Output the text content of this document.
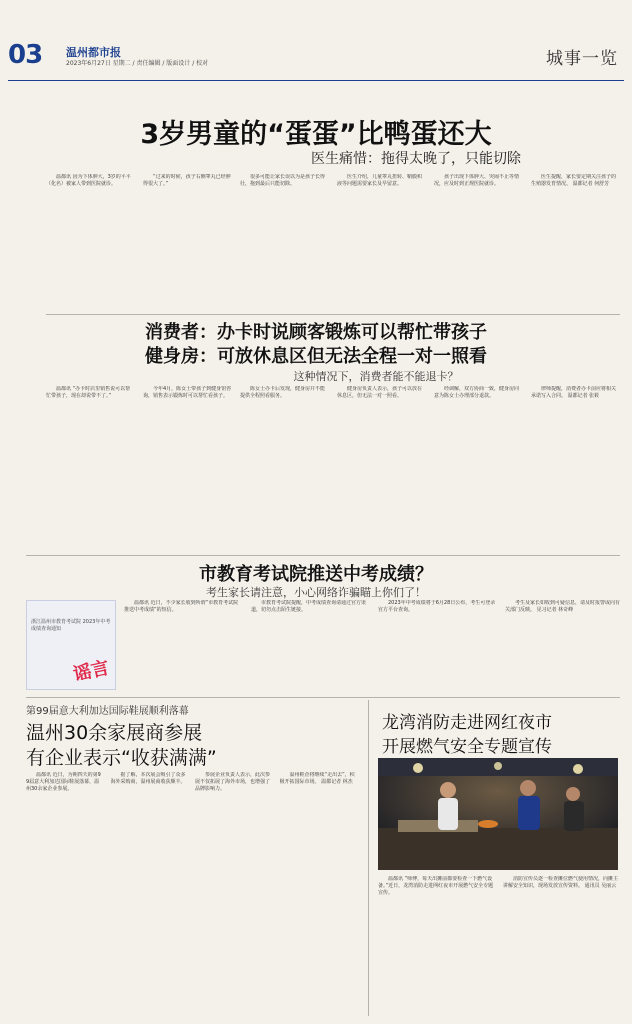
03 温州都市报
2023年6月27日 星期二 / 责任编辑 / 版面设计 / 校对	城事一览
3岁男童的“蛋蛋”比鸭蛋还大
医生痛惜：拖得太晚了，只能切除

温都讯 因为下体肿大，3岁的平平（化名）被家人带到医院就诊。

“过来的时候，孩子右侧睾丸已经肿得很大了。”

很多可能让家长误以为是孩子长得壮，拖到最后只能切除。

医生介绍，儿童睾丸扭转、鞘膜积液等问题需要家长及早留意。

孩子出现下体肿大、哭闹不止等情况，应及时到正规医院就诊。

医生提醒，家长要定期关注孩子的生殖器发育情况。 温都记者 何舒芳

消费者：办卡时说顾客锻炼可以帮忙带孩子
健身房：可放休息区但无法全程一对一照看
这种情况下，消费者能不能退卡？

温都讯 “办卡时店里销售说可以帮忙带孩子，现在却说带不了。”

今年4月，陈女士带孩子到健身馆咨询，销售表示锻炼时可以帮忙看孩子。

陈女士办卡后发现，健身房并不能提供全程照看服务。

健身房负责人表示，孩子可以放在休息区，但无法一对一照看。

经调解，双方协商一致，健身房同意为陈女士办理部分退款。

律师提醒，消费者办卡前应将相关承诺写入合同。 温都记者 张筱

市教育考试院推送中考成绩？
考生家长请注意，小心网络诈骗瞄上你们了！
浙江温州市教育考试院 2023年中考成绩查询通知
谣言

温都讯 近日，不少家长收到所谓“市教育考试院推送中考成绩”的短信。

市教育考试院提醒，中考成绩查询请通过官方渠道，切勿点击陌生链接。

2023年中考成绩将于6月28日公布，考生可登录官方平台查询。

考生及家长如收到可疑信息，请及时报警或向有关部门反映。 见习记者 林奇峰

第99届意大利加达国际鞋展顺利落幕
温州30余家展商参展
有企业表示“收获满满”

温都讯 近日，为期四天的第99届意大利加达国际鞋展落幕，温州30余家企业参展。

据了解，本次展会吸引了众多海外采购商，温州展商收获颇丰。

参展企业负责人表示，此次参展不仅拓展了海外市场，也增强了品牌影响力。

温州鞋企将继续“走出去”，积极开拓国际市场。 温都记者 林杰

龙湾消防走进网红夜市
开展燃气安全专题宣传

温都讯 “师傅，每天出摊前都要检查一下燃气设备。”近日，龙湾消防走进网红夜市开展燃气安全专题宣传。

消防宣传员逐一检查摊位燃气使用情况，向摊主讲解安全知识，现场发放宣传资料。 通讯员 吴丽云
